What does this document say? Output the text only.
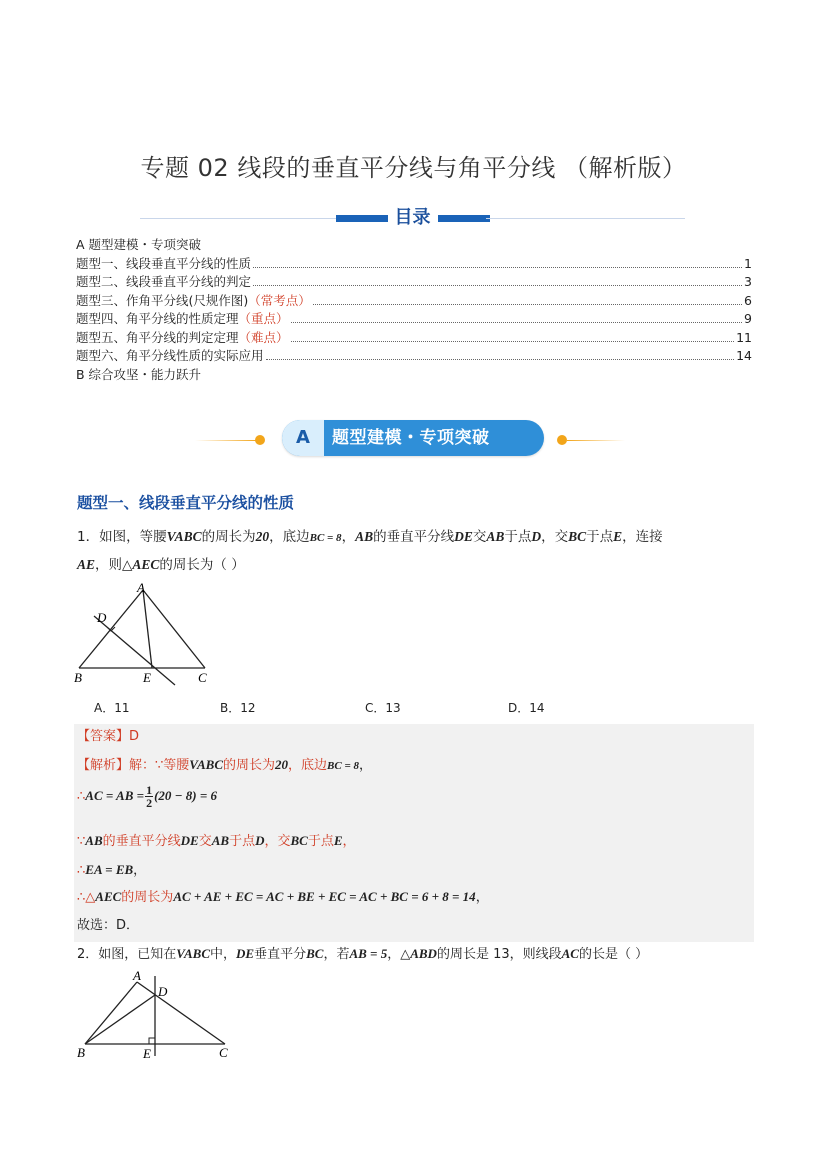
专题 02 线段的垂直平分线与角平分线 （解析版）
目录
A 题型建模・专项突破
题型一、线段垂直平分线的性质	1
题型二、线段垂直平分线的判定	3
题型三、作角平分线(尺规作图) （常考点）	6
题型四、角平分线的性质定理 （重点）	9
题型五、角平分线的判定定理 （难点）	11
题型六、角平分线性质的实际应用	14
B 综合攻坚・能力跃升
A	题型建模・专项突破
题型一、线段垂直平分线的性质
1．如图，等腰VABC的周长为20，底边BC = 8，AB的垂直平分线DE交AB于点D，交BC于点E，连接
AE，则△AEC的周长为（ ）
A
D
B	E	C
A．11	B．12	C．13	D．14
【答案】D
【解析】解：∵等腰VABC的周长为20，底边BC = 8，
∴AC = AB = $\frac{1}{2} (20 - 8) = 6$
∵AB的垂直平分线DE交AB于点D，交BC于点E，
∴EA = EB，
∴△AEC的周长为AC + AE + EC = AC + BE + EC = AC + BC = 6 + 8 = 14，
故选：D．
2．如图，已知在VABC中，DE垂直平分BC，若AB = 5，△ABD的周长是 13，则线段AC的长是（ ）
A
D
B	E	C
